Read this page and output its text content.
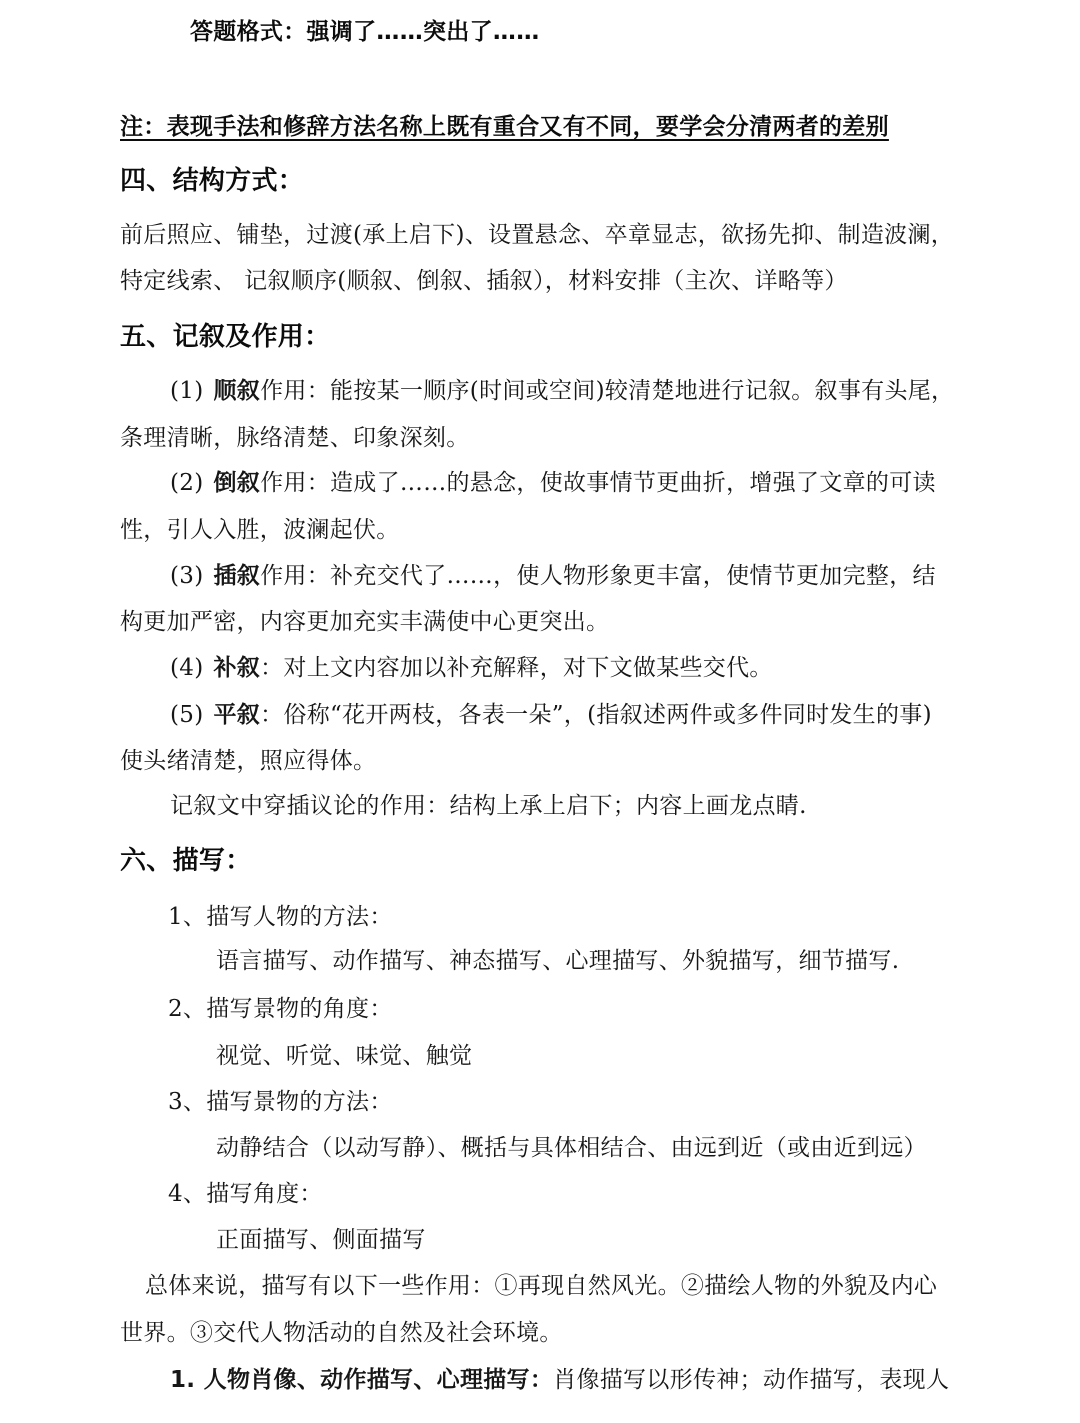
答题格式：强调了……突出了……
注：表现手法和修辞方法名称上既有重合又有不同，要学会分清两者的差别
四、结构方式：
前后照应、铺垫，过渡(承上启下)、设置悬念、卒章显志，欲扬先抑、制造波澜，
特定线索、 记叙顺序(顺叙、倒叙、插叙），材料安排（主次、详略等）
五、记叙及作用：
(1) 顺叙作用：能按某一顺序(时间或空间)较清楚地进行记叙。叙事有头尾，
条理清晰，脉络清楚、印象深刻。
(2) 倒叙作用：造成了……的悬念，使故事情节更曲折，增强了文章的可读
性，引人入胜，波澜起伏。
(3) 插叙作用：补充交代了……，使人物形象更丰富，使情节更加完整，结
构更加严密，内容更加充实丰满使中心更突出。
(4) 补叙：对上文内容加以补充解释，对下文做某些交代。
(5) 平叙：俗称“花开两枝，各表一朵”，(指叙述两件或多件同时发生的事)
使头绪清楚，照应得体。
记叙文中穿插议论的作用：结构上承上启下；内容上画龙点睛.
六、描写：
1、描写人物的方法：
语言描写、动作描写、神态描写、心理描写、外貌描写，细节描写.
2、描写景物的角度：
视觉、听觉、味觉、触觉
3、描写景物的方法：
动静结合（以动写静）、概括与具体相结合、由远到近（或由近到远）
4、描写角度：
正面描写、侧面描写
总体来说，描写有以下一些作用：①再现自然风光。②描绘人物的外貌及内心
世界。③交代人物活动的自然及社会环境。
1. 人物肖像、动作描写、心理描写：肖像描写以形传神；动作描写，表现人
